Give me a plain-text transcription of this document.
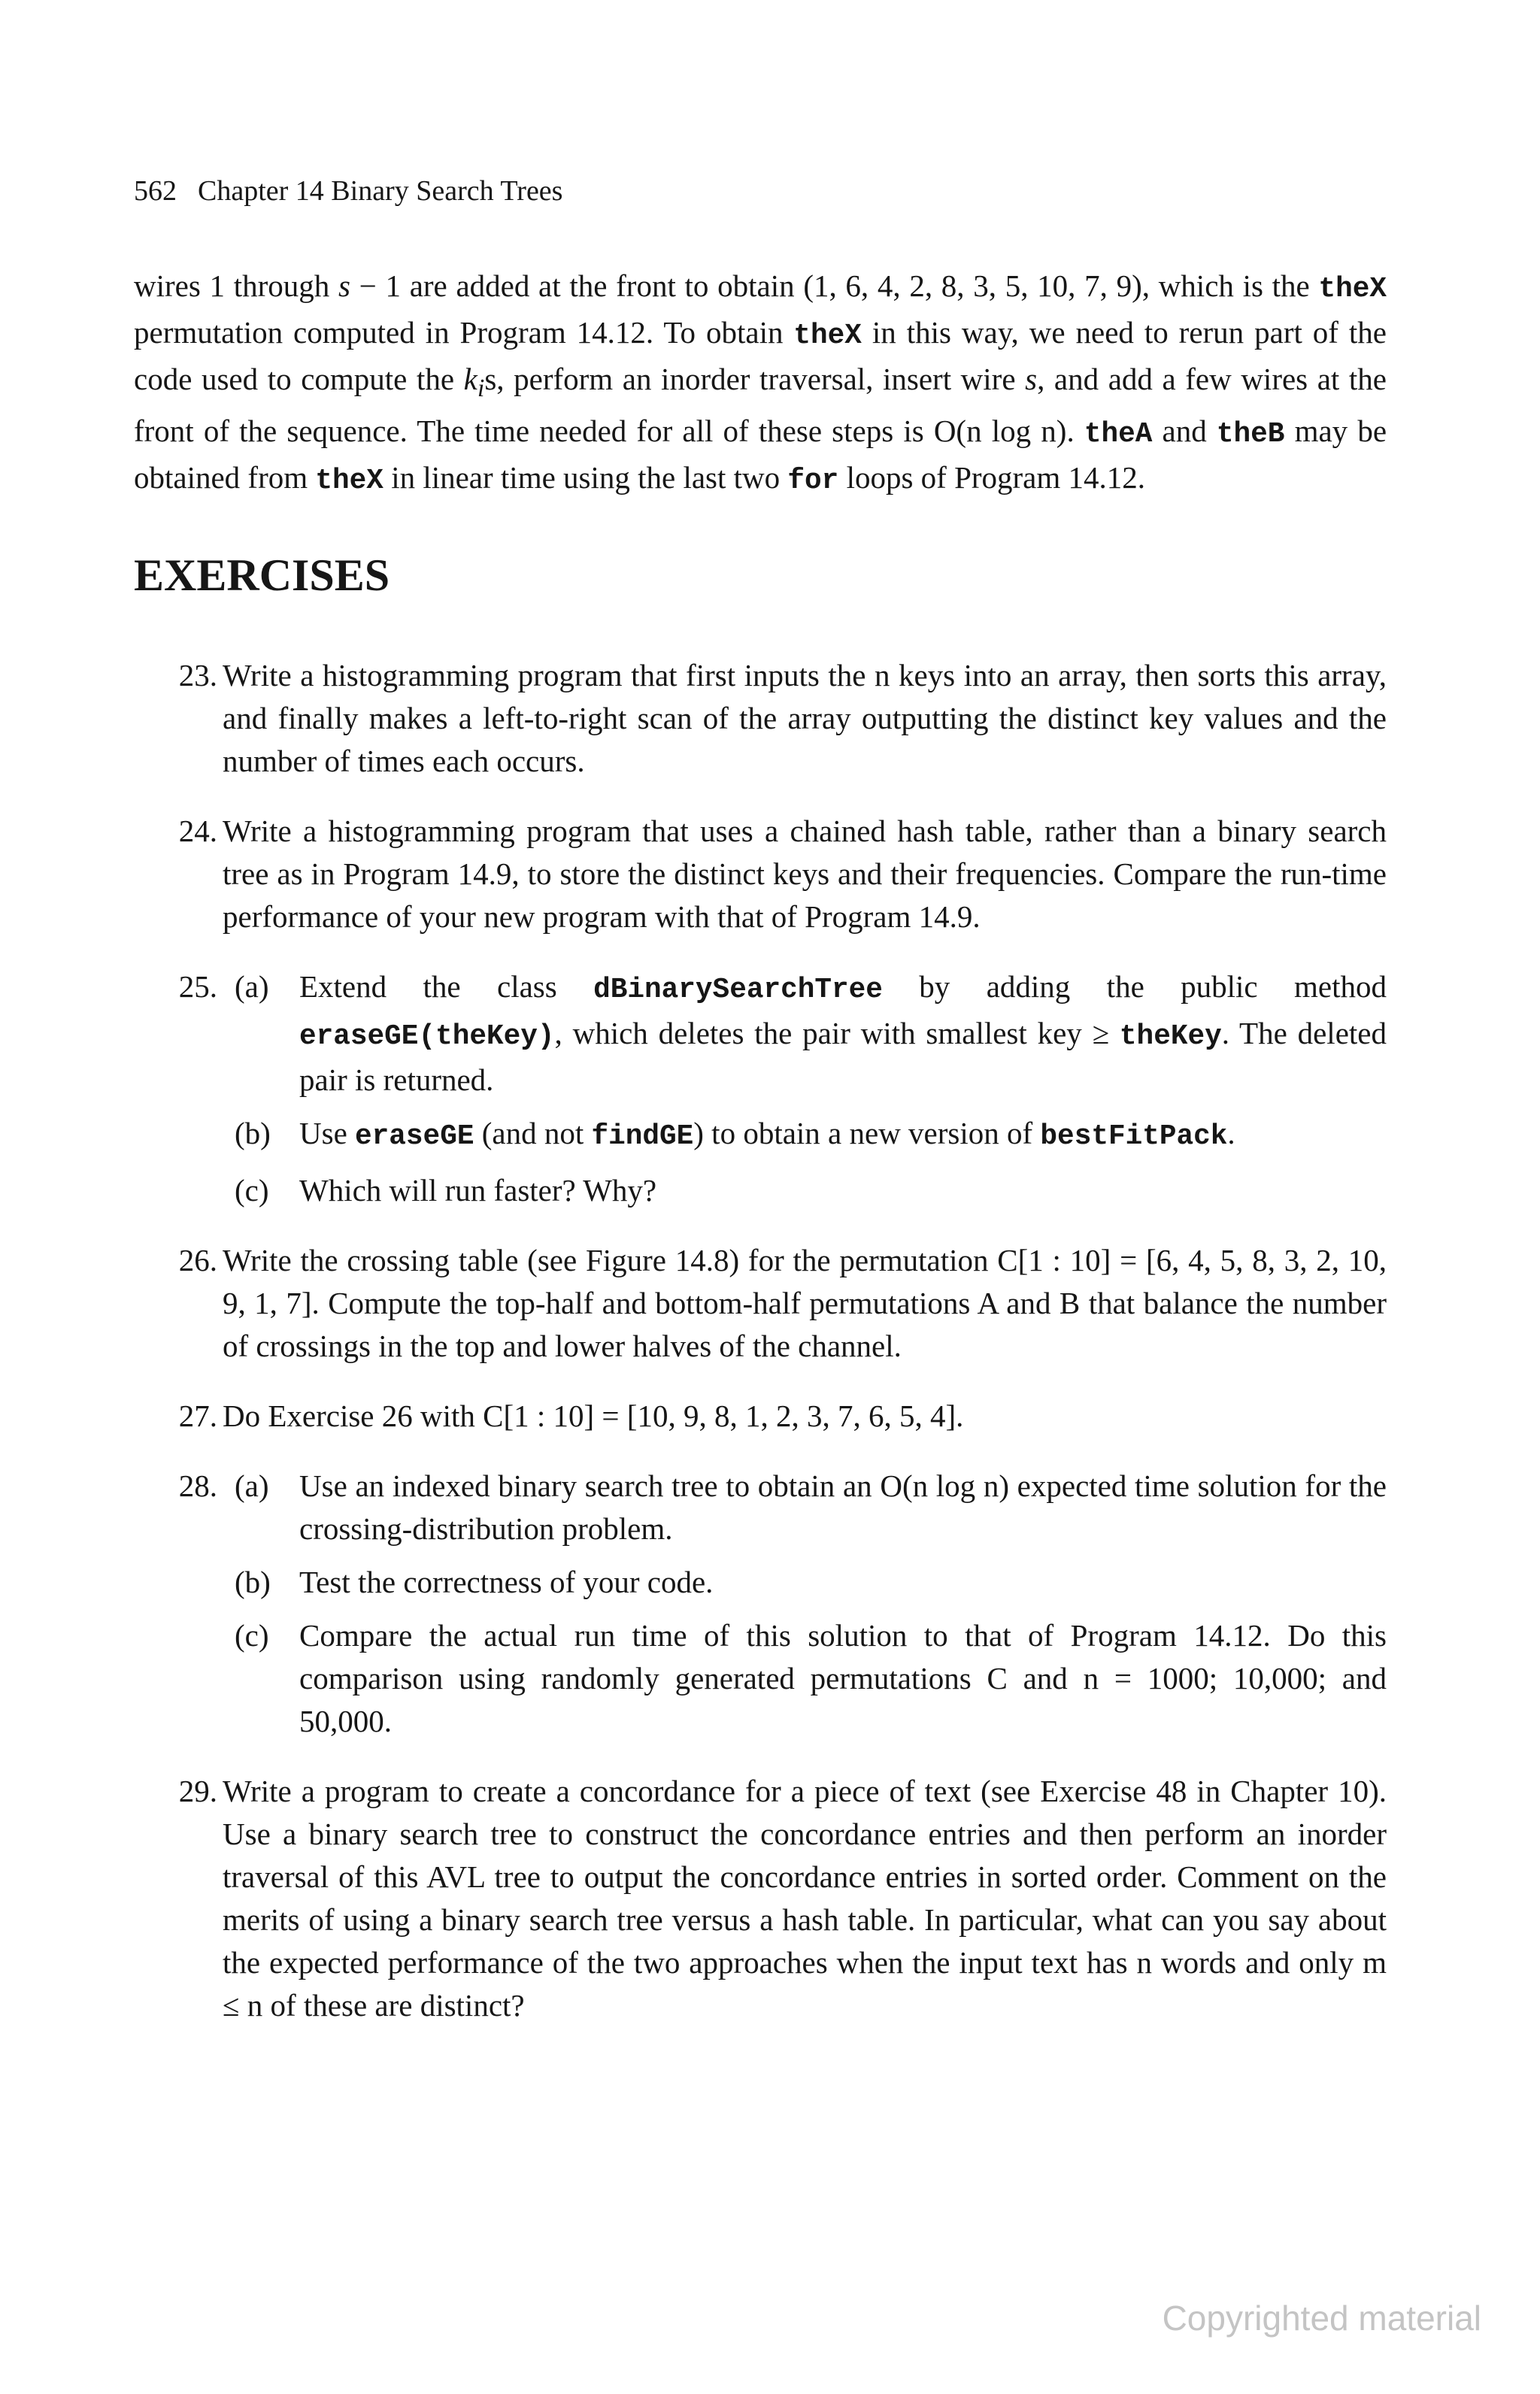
562 Chapter 14 Binary Search Trees
wires 1 through s − 1 are added at the front to obtain (1, 6, 4, 2, 8, 3, 5, 10, 7, 9), which is the theX permutation computed in Program 14.12. To obtain theX in this way, we need to rerun part of the code used to compute the $k_is$, perform an inorder traversal, insert wire s, and add a few wires at the front of the sequence. The time needed for all of these steps is O(n log n). theA and theB may be obtained from theX in linear time using the last two for loops of Program 14.12.
EXERCISES
23. Write a histogramming program that first inputs the n keys into an array, then sorts this array, and finally makes a left-to-right scan of the array outputting the distinct key values and the number of times each occurs.
24. Write a histogramming program that uses a chained hash table, rather than a binary search tree as in Program 14.9, to store the distinct keys and their frequencies. Compare the run-time performance of your new program with that of Program 14.9.
25. (a) Extend the class dBinarySearchTree by adding the public method eraseGE(theKey), which deletes the pair with smallest key ≥ theKey. The deleted pair is returned.
(b) Use eraseGE (and not findGE) to obtain a new version of bestFitPack.
(c) Which will run faster? Why?
26. Write the crossing table (see Figure 14.8) for the permutation C[1 : 10] = [6, 4, 5, 8, 3, 2, 10, 9, 1, 7]. Compute the top-half and bottom-half permutations A and B that balance the number of crossings in the top and lower halves of the channel.
27. Do Exercise 26 with C[1 : 10] = [10, 9, 8, 1, 2, 3, 7, 6, 5, 4].
28. (a) Use an indexed binary search tree to obtain an O(n log n) expected time solution for the crossing-distribution problem.
(b) Test the correctness of your code.
(c) Compare the actual run time of this solution to that of Program 14.12. Do this comparison using randomly generated permutations C and n = 1000; 10,000; and 50,000.
29. Write a program to create a concordance for a piece of text (see Exercise 48 in Chapter 10). Use a binary search tree to construct the concordance entries and then perform an inorder traversal of this AVL tree to output the concordance entries in sorted order. Comment on the merits of using a binary search tree versus a hash table. In particular, what can you say about the expected performance of the two approaches when the input text has n words and only m ≤ n of these are distinct?
Copyrighted material
